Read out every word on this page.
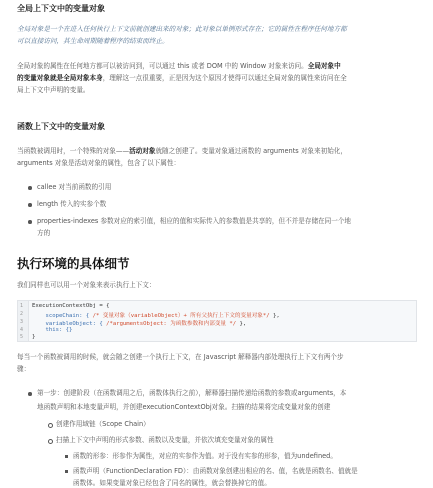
全局上下文中的变量对象
全局对象是一个在进入任何执行上下文前就创建出来的对象；此对象以单例形式存在；它的属性在程序任何地方都
可以直接访问，其生命周期随着程序的结束而终止。
全局对象的属性在任何地方都可以被访问到，可以通过 this 或者 DOM 中的 Window 对象来访问。全局对象中
的变量对象就是全局对象本身，理解这一点很重要，正是因为这个原因才使得可以通过全局对象的属性来访问在全
局上下文中声明的变量。
函数上下文中的变量对象
当函数被调用时，一个特殊的对象——活动对象就随之创建了。变量对象通过函数的 arguments 对象来初始化，
arguments 对象是活动对象的属性，包含了以下属性：
callee 对当前函数的引用
length 传入的实参个数
properties-indexes 参数对应的索引值，相应的值和实际传入的参数值是共享的，但不并是存储在同一个地
方的
执行环境的具体细节
我们同样也可以用一个对象来表示执行上下文：
1
2
3
4
5
ExecutionContextObj = {
scopeChain: { /* 变量对象（variableObject）+ 所有父执行上下文的变量对象*/ },
variableObject: { /*argumentsObject: 为函数参数和内部变量 */ },
this: {}
}
每当一个函数被调用的时候，就会随之创建一个执行上下文，在 Javascript 解释器内部处理执行上下文有两个步
骤：
第一步：创建阶段（在函数调用之后，函数体执行之前），解释器扫描传递给函数的参数或arguments，本
地函数声明和本地变量声明，并创建executionContextObj对象。扫描的结果将完成变量对象的创建
创建作用域链（Scope Chain）
扫描上下文中声明的形式参数、函数以及变量，并依次填充变量对象的属性
函数的形参：形参作为属性，对应的实参作为值。对于没有实参的形参，值为undefined。
函数声明（FunctionDeclaration FD）：由函数对象创建出相应的名、值，名就是函数名、值就是
函数体。如果变量对象已经包含了同名的属性，就会替换掉它的值。
